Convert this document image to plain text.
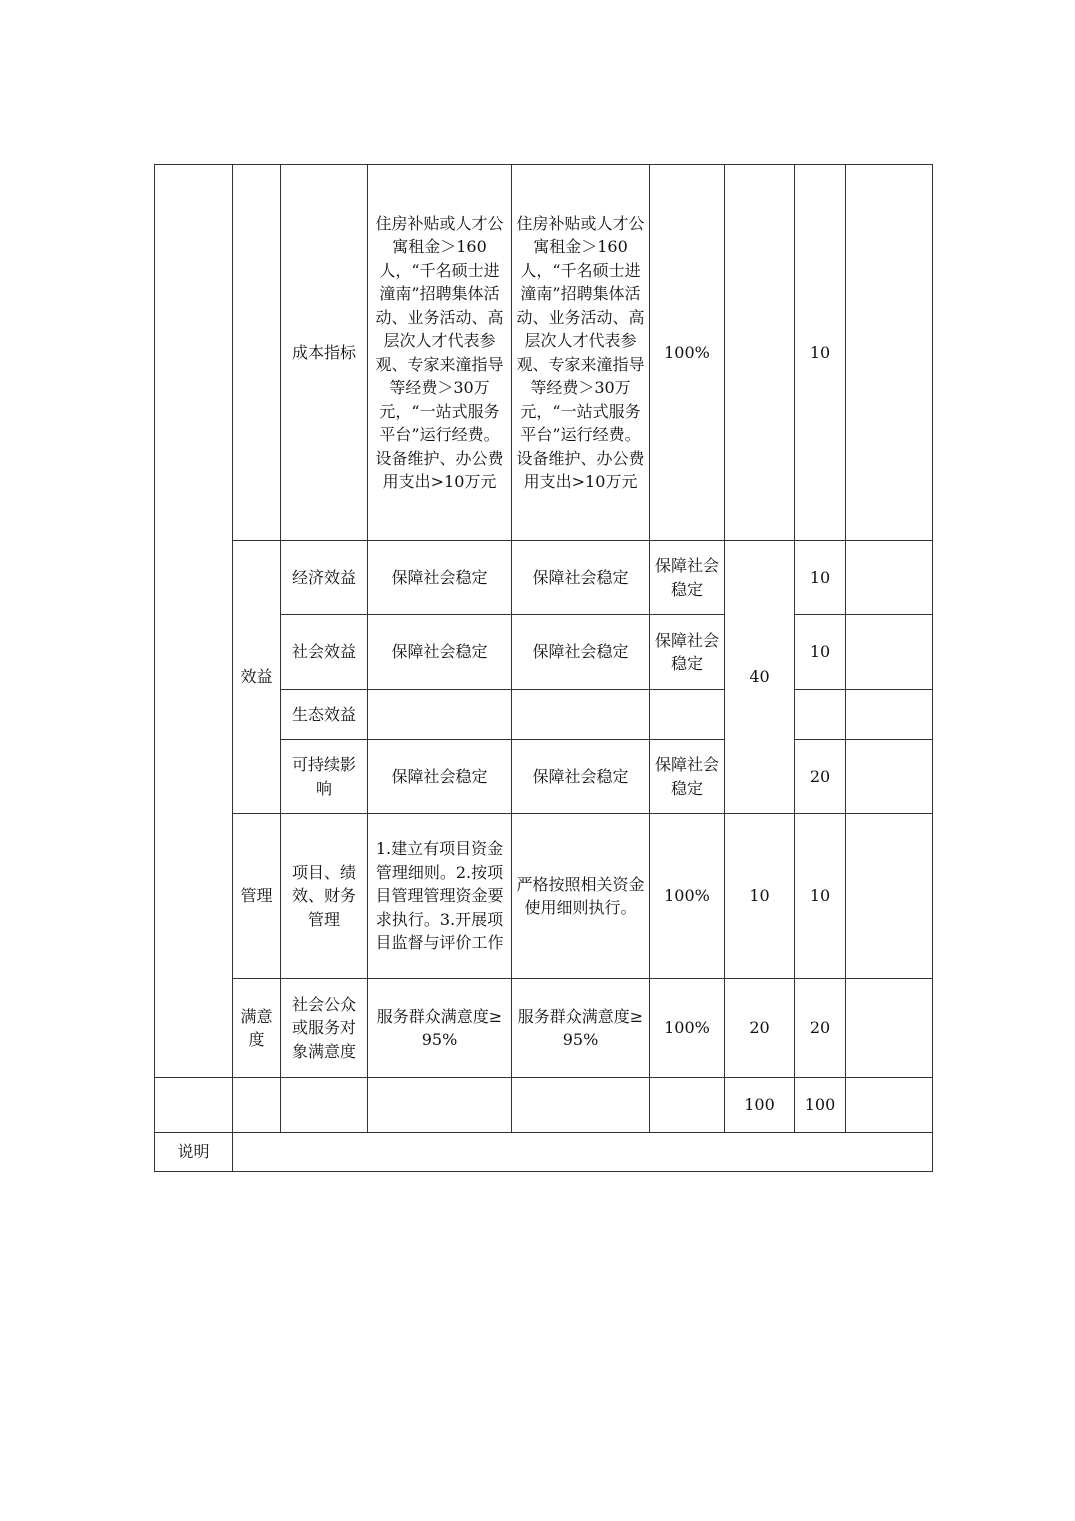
		成本指标	住房补贴或人才公寓租金＞160人，“千名硕士进潼南”招聘集体活动、业务活动、高层次人才代表参观、专家来潼指导等经费＞30万元，“一站式服务平台”运行经费。设备维护、办公费用支出>10万元	住房补贴或人才公寓租金＞160人，“千名硕士进潼南”招聘集体活动、业务活动、高层次人才代表参观、专家来潼指导等经费＞30万元，“一站式服务平台”运行经费。设备维护、办公费用支出>10万元	100%		10	
	效益	经济效益	保障社会稳定	保障社会稳定	保障社会稳定	40	10	
		社会效益	保障社会稳定	保障社会稳定	保障社会稳定		10	
		生态效益						
		可持续影响	保障社会稳定	保障社会稳定	保障社会稳定		20	
	管理	项目、绩效、财务管理	1.建立有项目资金管理细则。2.按项目管理管理资金要求执行。3.开展项目监督与评价工作	严格按照相关资金使用细则执行。	100%	10	10	
	满意度	社会公众或服务对象满意度	服务群众满意度≥95%	服务群众满意度≥95%	100%	20	20	
						100	100	
说明								
